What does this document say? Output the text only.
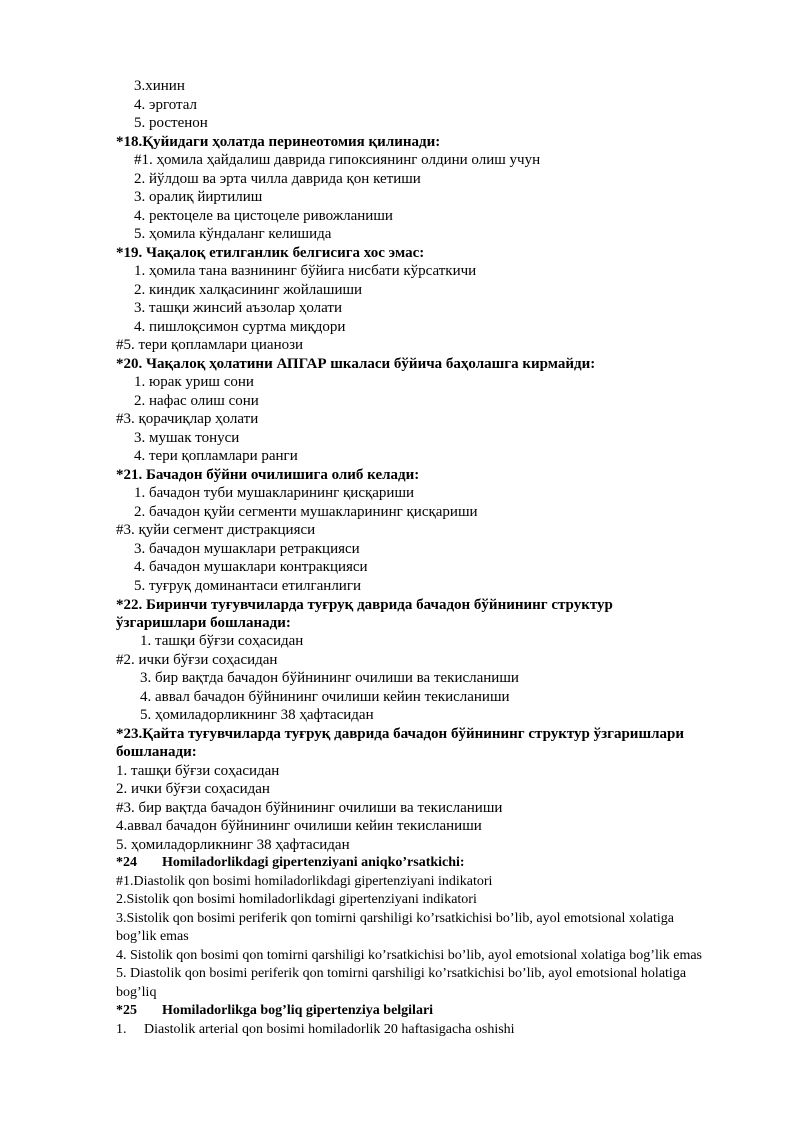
3.хинин
4. эрготал
5. ростенон
*18.Қуйидаги ҳолатда перинеотомия қилинади:
#1. ҳомила ҳайдалиш даврида гипоксиянинг олдини олиш учун
2. йўлдош ва эрта чилла даврида қон кетиши
3. оралиқ йиртилиш
4. ректоцеле ва цистоцеле ривожланиши
5. ҳомила кўндаланг келишида
*19. Чақалоқ етилганлик белгисига хос эмас:
1. ҳомила тана вазнининг бўйига нисбати кўрсаткичи
2. киндик халқасининг жойлашиши
3. ташқи жинсий аъзолар ҳолати
4. пишлоқсимон суртма миқдори
#5. тери қопламлари цианози
*20. Чақалоқ ҳолатини АПГАР шкаласи бўйича баҳолашга кирмайди:
1. юрак уриш сони
2. нафас олиш сони
#3. қорачиқлар ҳолати
3. мушак тонуси
4. тери қопламлари ранги
*21. Бачадон бўйни очилишига олиб келади:
1. бачадон туби мушакларининг қисқариши
2. бачадон қуйи сегменти мушакларининг қисқариши
#3. қуйи сегмент дистракцияси
3. бачадон мушаклари ретракцияси
4. бачадон мушаклари контракцияси
5. туғруқ доминантаси етилганлиги
*22. Биринчи туғувчиларда туғруқ даврида бачадон бўйнининг структур
ўзгаришлари бошланади:
1. ташқи бўғзи соҳасидан
#2. ички бўғзи соҳасидан
3. бир вақтда бачадон бўйнининг очилиши ва текисланиши
4. аввал бачадон бўйнининг очилиши кейин текисланиши
5. ҳомиладорликнинг 38 ҳафтасидан
*23.Қайта туғувчиларда туғруқ даврида бачадон бўйнининг структур ўзгаришлари
бошланади:
1. ташқи бўғзи соҳасидан
2. ички бўғзи соҳасидан
#3. бир вақтда бачадон бўйнининг очилиши ва текисланиши
4.аввал бачадон бўйнининг очилиши кейин текисланиши
5. ҳомиладорликнинг 38 ҳафтасидан
*24 Homiladorlikdagi gipertenziyani aniqko’rsatkichi:
#1.Diastolik qon bosimi homiladorlikdagi gipertenziyani indikatori
2.Sistolik qon bosimi homiladorlikdagi gipertenziyani indikatori
3.Sistolik qon bosimi periferik qon tomirni qarshiligi ko’rsatkichisi bo’lib, ayol emotsional xolatiga
bog’lik emas
4. Sistolik qon bosimi qon tomirni qarshiligi ko’rsatkichisi bo’lib, ayol emotsional xolatiga bog’lik emas
5. Diastolik qon bosimi periferik qon tomirni qarshiligi ko’rsatkichisi bo’lib, ayol emotsional holatiga
bog’liq
*25 Homiladorlikga bog’liq gipertenziya belgilari
1. Diastolik arterial qon bosimi homiladorlik 20 haftasigacha oshishi
